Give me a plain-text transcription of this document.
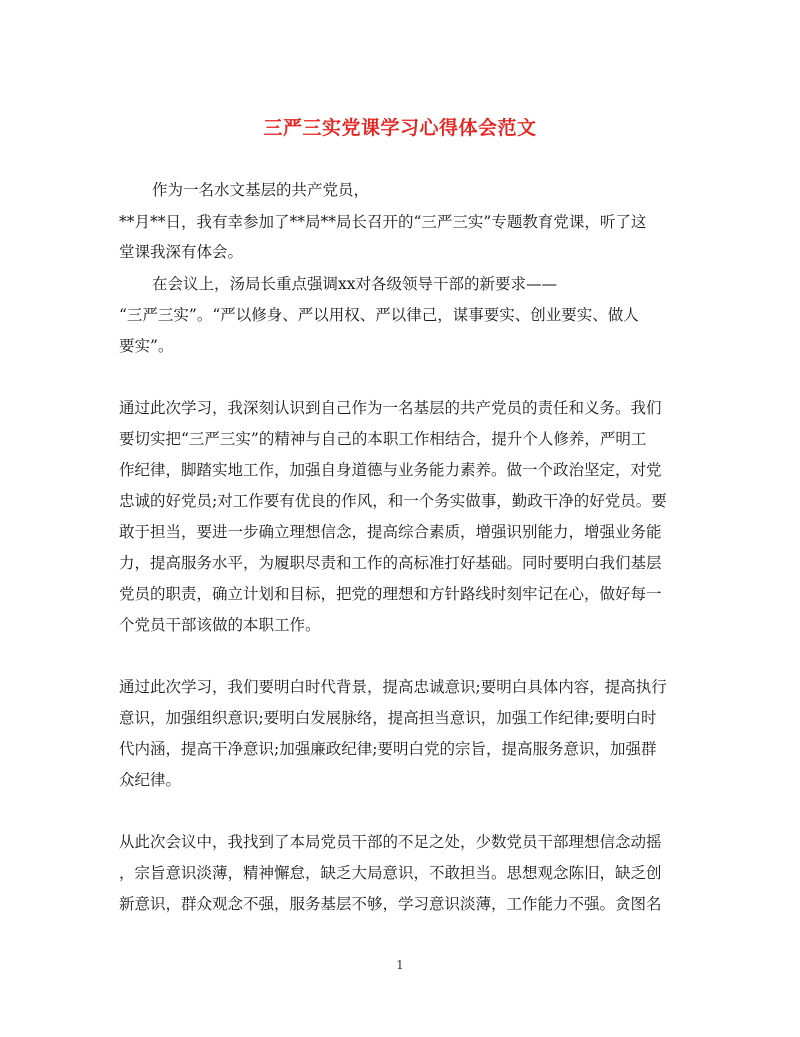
三严三实党课学习心得体会范文
作为一名水文基层的共产党员，
**月**日，我有幸参加了**局**局长召开的“三严三实”专题教育党课，听了这
堂课我深有体会。
在会议上，汤局长重点强调xx对各级领导干部的新要求——
“三严三实”。“严以修身、严以用权、严以律己，谋事要实、创业要实、做人
要实”。
通过此次学习，我深刻认识到自己作为一名基层的共产党员的责任和义务。我们
要切实把“三严三实”的精神与自己的本职工作相结合，提升个人修养，严明工
作纪律，脚踏实地工作，加强自身道德与业务能力素养。做一个政治坚定，对党
忠诚的好党员;对工作要有优良的作风，和一个务实做事，勤政干净的好党员。要
敢于担当，要进一步确立理想信念，提高综合素质，增强识别能力，增强业务能
力，提高服务水平，为履职尽责和工作的高标准打好基础。同时要明白我们基层
党员的职责，确立计划和目标，把党的理想和方针路线时刻牢记在心，做好每一
个党员干部该做的本职工作。
通过此次学习，我们要明白时代背景，提高忠诚意识;要明白具体内容，提高执行
意识，加强组织意识;要明白发展脉络，提高担当意识，加强工作纪律;要明白时
代内涵，提高干净意识;加强廉政纪律;要明白党的宗旨，提高服务意识，加强群
众纪律。
从此次会议中，我找到了本局党员干部的不足之处，少数党员干部理想信念动摇
，宗旨意识淡薄，精神懈怠，缺乏大局意识，不敢担当。思想观念陈旧，缺乏创
新意识，群众观念不强，服务基层不够，学习意识淡薄，工作能力不强。贪图名
1
